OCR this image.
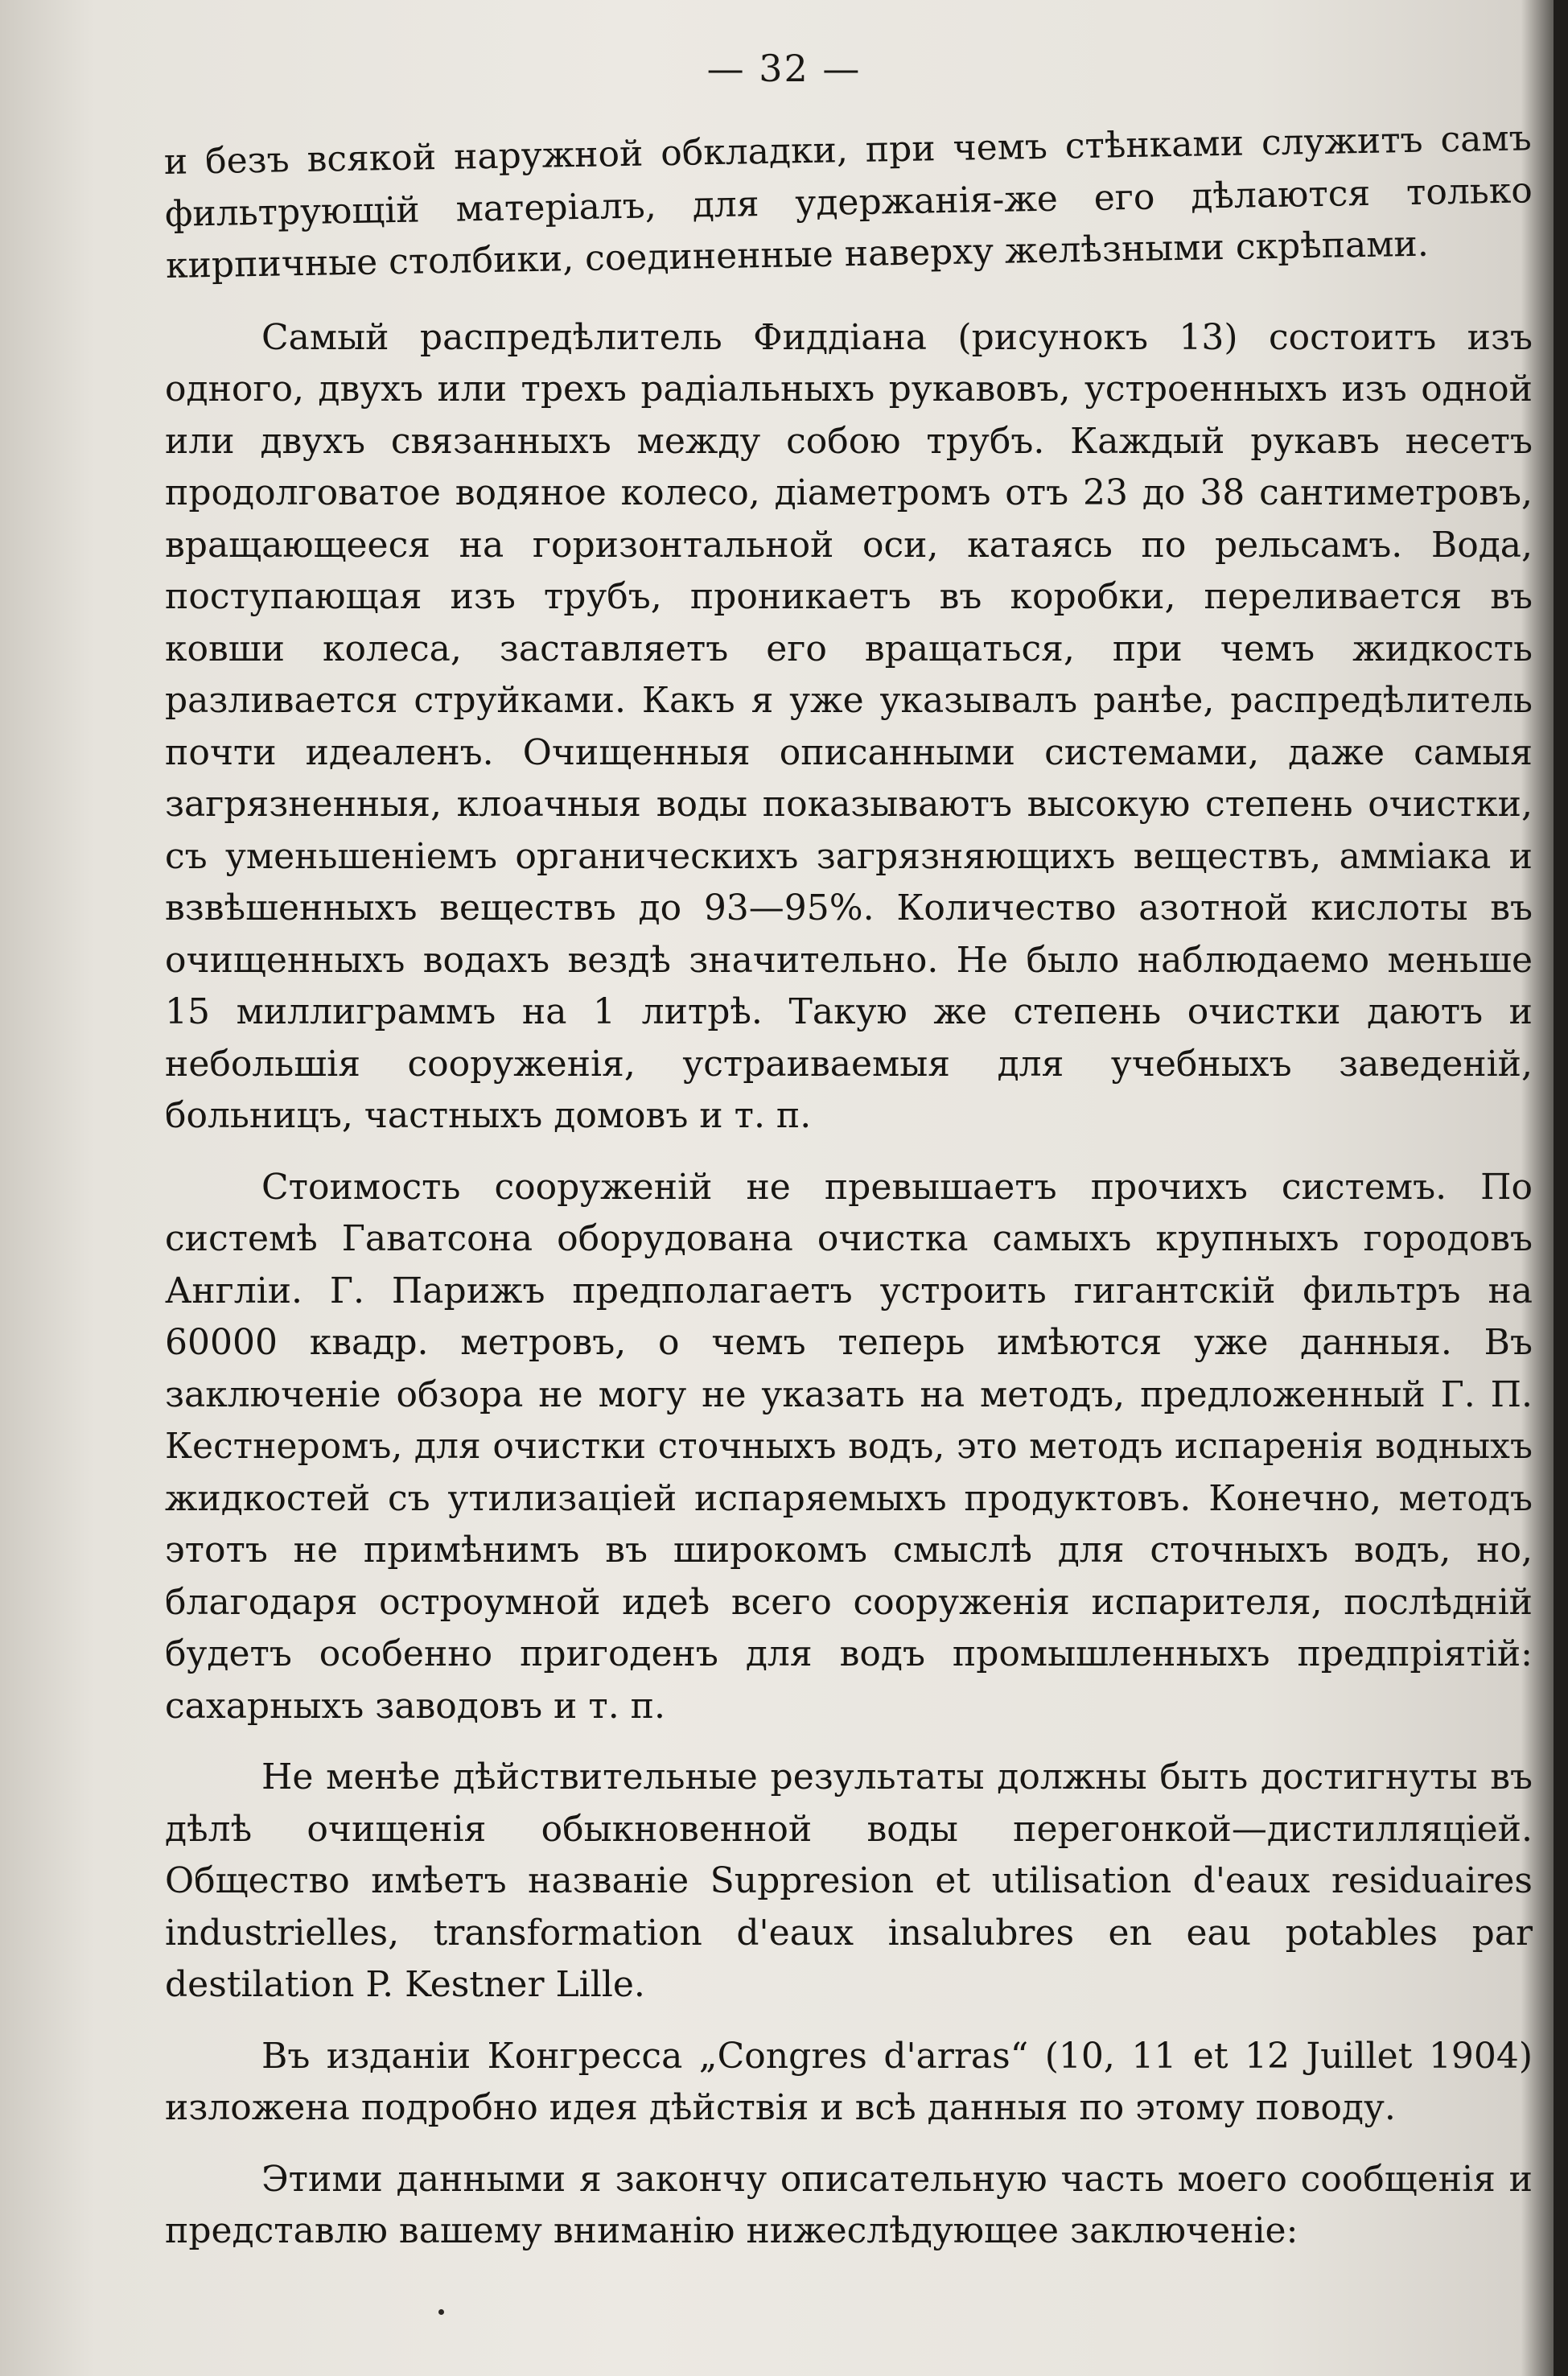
— 32 —

и безъ всякой наружной обкладки, при чемъ стѣнками служитъ самъ фильтрующiй матерiалъ, для удержанiя-же его дѣлаются только кирпичные столбики, соединенные наверху желѣзными скрѣпами.

Самый распредѣлитель Фиддiана (рисунокъ 13) состоитъ изъ одного, двухъ или трехъ радiальныхъ рукавовъ, устроенныхъ изъ одной или двухъ связанныхъ между собою трубъ. Каждый рукавъ несетъ продолговатое водяное колесо, дiаметромъ отъ 23 до 38 сантиметровъ, вращающееся на горизонтальной оси, катаясь по рельсамъ. Вода, поступающая изъ трубъ, проникаетъ въ коробки, переливается въ ковши колеса, заставляетъ его вращаться, при чемъ жидкость разливается струйками. Какъ я уже указывалъ ранѣе, распредѣлитель почти идеаленъ. Очищенныя описанными системами, даже самыя загрязненныя, клоачныя воды показываютъ высокую степень очистки, съ уменьшенiемъ органическихъ загрязняющихъ веществъ, амміака и взвѣшенныхъ веществъ до 93—95%. Количество азотной кислоты въ очищенныхъ водахъ вездѣ значительно. Не было наблюдаемо меньше 15 миллиграммъ на 1 литрѣ. Такую же степень очистки даютъ и небольшiя сооруженiя, устраиваемыя для учебныхъ заведенiй, больницъ, частныхъ домовъ и т. п.

Стоимость сооруженiй не превышаетъ прочихъ системъ. По системѣ Гаватсона оборудована очистка самыхъ крупныхъ городовъ Англiи. Г. Парижъ предполагаетъ устроить гигантскiй фильтръ на 60000 квадр. метровъ, о чемъ теперь имѣются уже данныя. Въ заключенiе обзора не могу не указать на методъ, предложенный Г. П. Кестнеромъ, для очистки сточныхъ водъ, это методъ испаренiя водныхъ жидкостей съ утилизацiей испаряемыхъ продуктовъ. Конечно, методъ этотъ не примѣнимъ въ широкомъ смыслѣ для сточныхъ водъ, но, благодаря остроумной идеѣ всего сооруженiя испарителя, послѣднiй будетъ особенно пригоденъ для водъ промышленныхъ предпрiятiй: сахарныхъ заводовъ и т. п.

Не менѣе дѣйствительные результаты должны быть достигнуты въ дѣлѣ очищенiя обыкновенной воды перегонкой—дистилляцiей. Общество имѣетъ названiе Suppresion et utilisation d'eaux residuaires industrielles, transformation d'eaux insalubres en eau potables par destilation P. Kestner Lille.

Въ изданiи Конгресса „Congres d'arras“ (10, 11 et 12 Juillet 1904) изложена подробно идея дѣйствiя и всѣ данныя по этому поводу.

Этими данными я закончу описательную часть моего сообщенiя и представлю вашему вниманiю нижеслѣдующее заключенiе:
